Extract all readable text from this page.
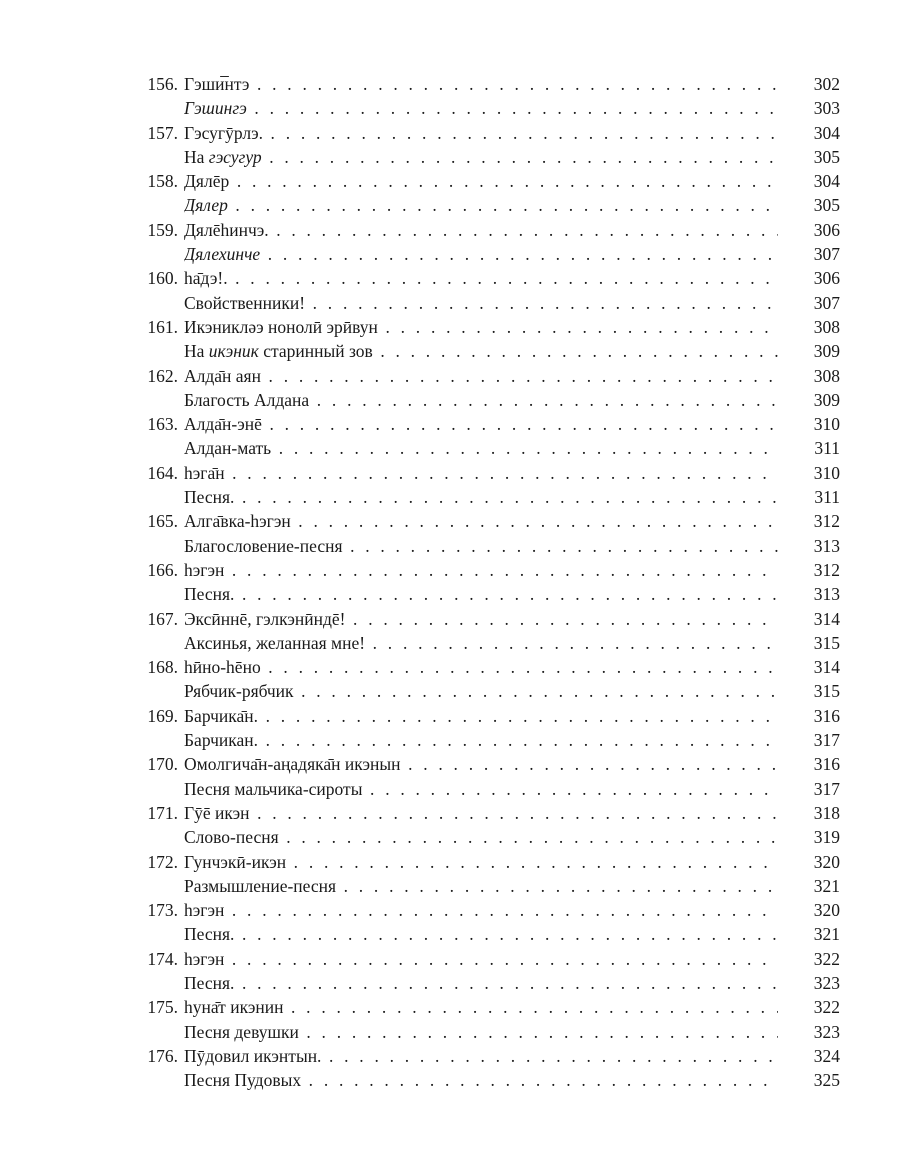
156. Гэши̅нтэ . . .	302
Гэшингэ . . .	303
157. Гэсугӯрлэ. . . .	304
На гэсугур . . .	305
158. Дялēр . . .	304
Дялер . . .	305
159. Дялēһинчэ. . . .	306
Дялехинче . . .	307
160. һа̄дэ!. . . .	306
Свойственники! . . .	307
161. Икэникләэ нонолӣ эрӣвун . . .	308
На икэник старинный зов . . .	309
162. Алда̄н аян . . .	308
Благость Алдана . . .	309
163. Алда̄н-энē . . .	310
Алдан-мать . . .	311
164. һэга̄н . . .	310
Песня. . . .	311
165. Алга̄вка-һэгэн . . .	312
Благословение-песня . . .	313
166. һэгэн . . .	312
Песня. . . .	313
167. Эксӣннē, гэлкэнӣндē! . . .	314
Аксинья, желанная мне! . . .	315
168. һӣно-һēно . . .	314
Рябчик-рябчик . . .	315
169. Барчика̄н. . . .	316
Барчикан. . . .	317
170. Омолгича̄н-аңадяка̄н икэнын . . .	316
Песня мальчика-сироты . . .	317
171. Гӯē икэн . . .	318
Слово-песня . . .	319
172. Гунчэкӣ-икэн . . .	320
Размышление-песня . . .	321
173. һэгэн . . .	320
Песня. . . .	321
174. һэгэн . . .	322
Песня. . . .	323
175. һуна̄т икэнин . . .	322
Песня девушки . . .	323
176. Пӯдовил икэнтын. . . .	324
Песня Пудовых . . .	325
